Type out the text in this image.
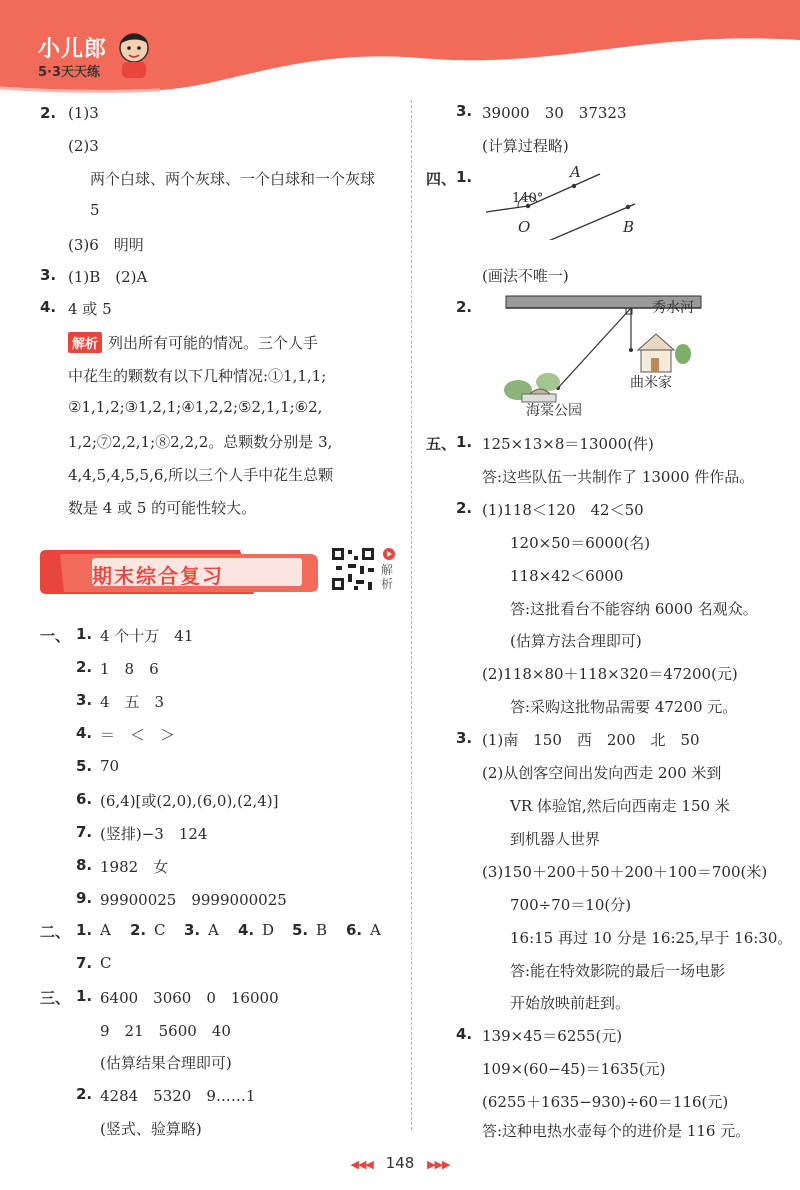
小儿郎
5·3天天练
2. (1)3
(2)3
两个白球、两个灰球、一个白球和一个灰球
5
(3)6　明明
3. (1)B　(2)A
4. 4 或 5
解析 列出所有可能的情况。三个人手
中花生的颗数有以下几种情况:①1,1,1;
②1,1,2;③1,2,1;④1,2,2;⑤2,1,1;⑥2,
1,2;⑦2,2,1;⑧2,2,2。总颗数分别是 3,
4,4,5,4,5,5,6,所以三个人手中花生总颗
数是 4 或 5 的可能性较大。
期末综合复习	解析
一、 1. 4 个十万　41
2. 1　8　6
3. 4　五　3
4. ＝　＜　＞
5. 70
6. (6,4)[或(2,0),(6,0),(2,4)]
7. (竖排)−3　124
8. 1982　女
9. 99900025　9999000025
二、 1. A 2. C 3. A 4. D 5. B 6. A
7. C
三、 1. 6400　3060　0　16000
9　21　5600　40
(估算结果合理即可)
2. 4284　5320　9……1
(竖式、验算略)
3. 39000　30　37323
(计算过程略)
四、 1.
140°
A
O	B
(画法不唯一)
2.	秀水河
曲米家
海棠公园
五、 1. 125×13×8＝13000(件)
答:这些队伍一共制作了 13000 件作品。
2. (1)118＜120　42＜50
120×50＝6000(名)
118×42＜6000
答:这批看台不能容纳 6000 名观众。
(估算方法合理即可)
(2)118×80＋118×320＝47200(元)
答:采购这批物品需要 47200 元。
3. (1)南　150　西　200　北　50
(2)从创客空间出发向西走 200 米到
VR 体验馆,然后向西南走 150 米
到机器人世界
(3)150＋200＋50＋200＋100＝700(米)
700÷70＝10(分)
16:15 再过 10 分是 16:25,早于 16:30。
答:能在特效影院的最后一场电影
开始放映前赶到。
4. 139×45＝6255(元)
109×(60−45)＝1635(元)
(6255＋1635−930)÷60＝116(元)
答:这种电热水壶每个的进价是 116 元。
◀◀◀ 148 ▶▶▶
